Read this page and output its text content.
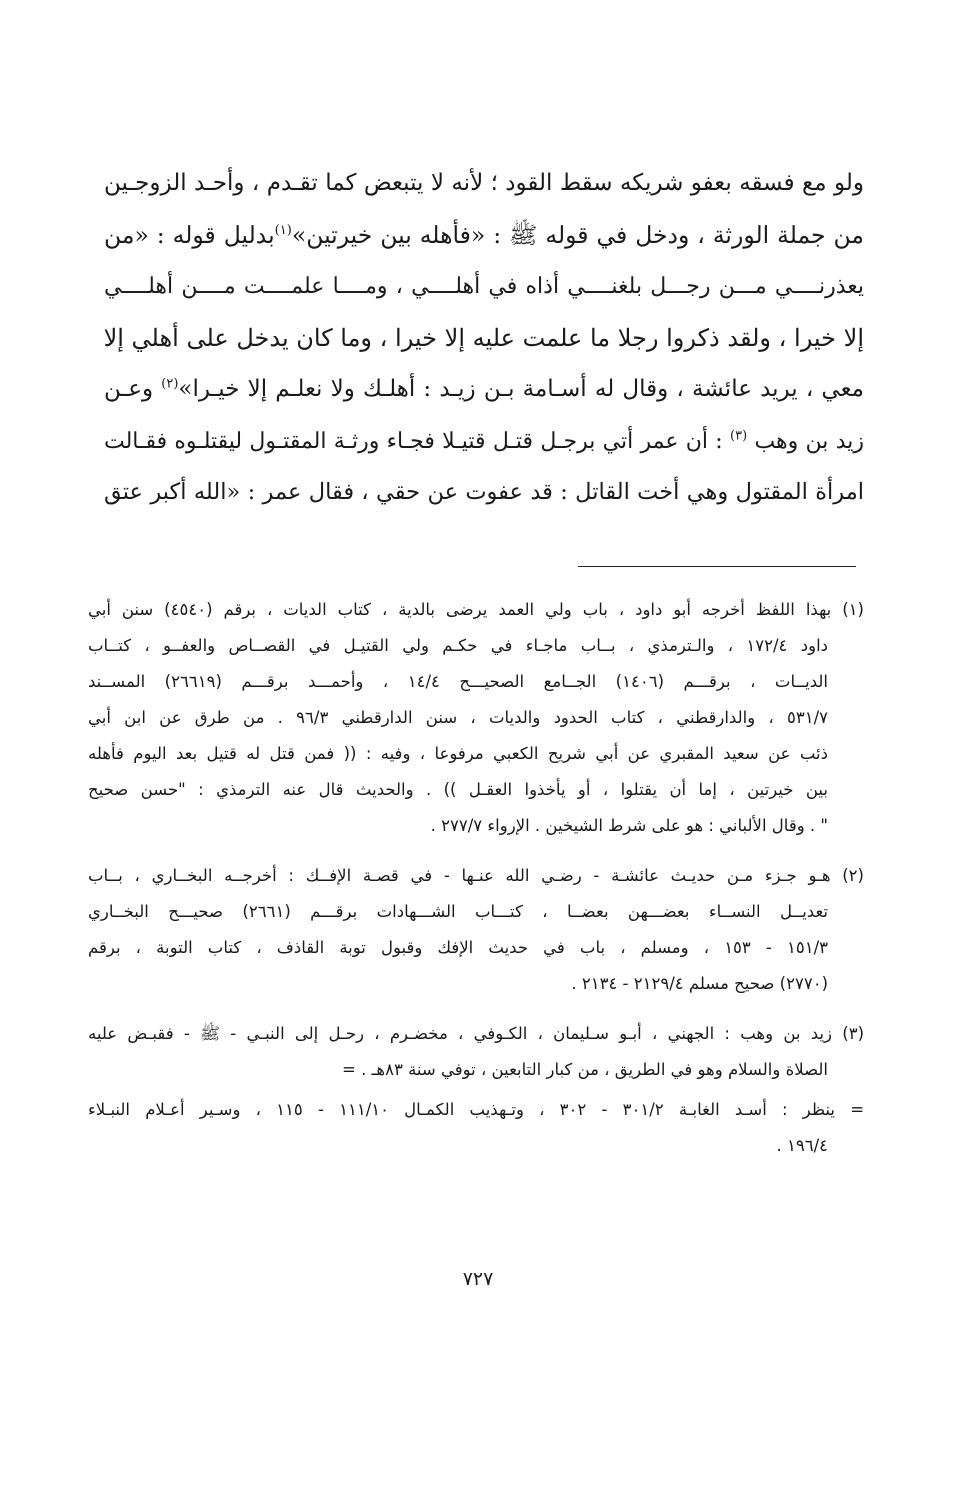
ولو مع فسقه بعفو شريكه سقط القود ؛ لأنه لا يتبعض كما تقـدم ، وأحـد الزوجـين
من جملة الورثة ، ودخل في قوله ﷺ : «فأهله بين خيرتين»$^{(١)}$بدليل قوله : «من
يعذرنــــي مـــن رجـــل بلغنــــي أذاه في أهلــــي ، ومــــا علمــــت مــــن أهلــــي
إلا خيرا ، ولقد ذكروا رجلا ما علمت عليه إلا خيرا ، وما كان يدخل على أهلي إلا
معي ، يريد عائشة ، وقال له أسـامة بـن زيـد : أهلـك ولا نعلـم إلا خيـرا»$^{(٢)}$ وعـن
زيد بن وهب $^{(٣)}$ : أن عمر أتي برجـل قتـل قتيـلا فجـاء ورثـة المقتـول ليقتلـوه فقـالت
امرأة المقتول وهي أخت القاتل : قد عفوت عن حقي ، فقال عمر : «الله أكبر عتق
(١) بهذا اللفظ أخرجه أبو داود ، باب ولي العمد يرضى بالدية ، كتاب الديات ، برقم (٤٥٤٠) سنن أبي
داود ١٧٢/٤ ، والـترمذي ، بــاب ماجـاء في حكـم ولي القتيـل في القصــاص والعفــو ، كتــاب
الديــات ، برقـــم (١٤٠٦) الجــامع الصحيـــح ١٤/٤ ، وأحمـــد برقـــم (٢٦٦١٩) المســند
٥٣١/٧ ، والدارقطني ، كتاب الحدود والديات ، سنن الدارقطني ٩٦/٣ . من طرق عن ابن أبي
ذئب عن سعيد المقبري عن أبي شريح الكعبي مرفوعا ، وفيه : (( فمن قتل له قتيل بعد اليوم فأهله
بين خيرتين ، إما أن يقتلوا ، أو يأخذوا العقـل )) . والحديث قال عنه الترمذي : "حسن صحيح
" . وقال الألباني : هو على شرط الشيخين . الإرواء ٢٧٧/٧ .
(٢) هـو جـزء مـن حديـث عائشـة - رضـي الله عنـها - في قصـة الإفــك : أخرجــه البخــاري ، بــاب
تعديــل النســاء بعضـــهن بعضــا ، كتـــاب الشـــهادات برقـــم (٢٦٦١) صحيـــح البخــاري
١٥١/٣ - ١٥٣ ، ومسلم ، باب في حديث الإفك وقبول توبة القاذف ، كتاب التوبة ، برقم
(٢٧٧٠) صحيح مسلم ٢١٢٩/٤ - ٢١٣٤ .
(٣) زيد بن وهب : الجهني ، أبـو سـليمان ، الكـوفي ، مخضـرم ، رحـل إلى النبـي - ﷺ - فقبـض عليه
الصلاة والسلام وهو في الطريق ، من كبار التابعين ، توفي سنة ٨٣هـ . =
= ينظر : أسـد الغابـة ٣٠١/٢ - ٣٠٢ ، وتـهذيب الكمـال ١١١/١٠ - ١١٥ ، وسـير أعـلام النبـلاء
١٩٦/٤ .
٧٢٧
